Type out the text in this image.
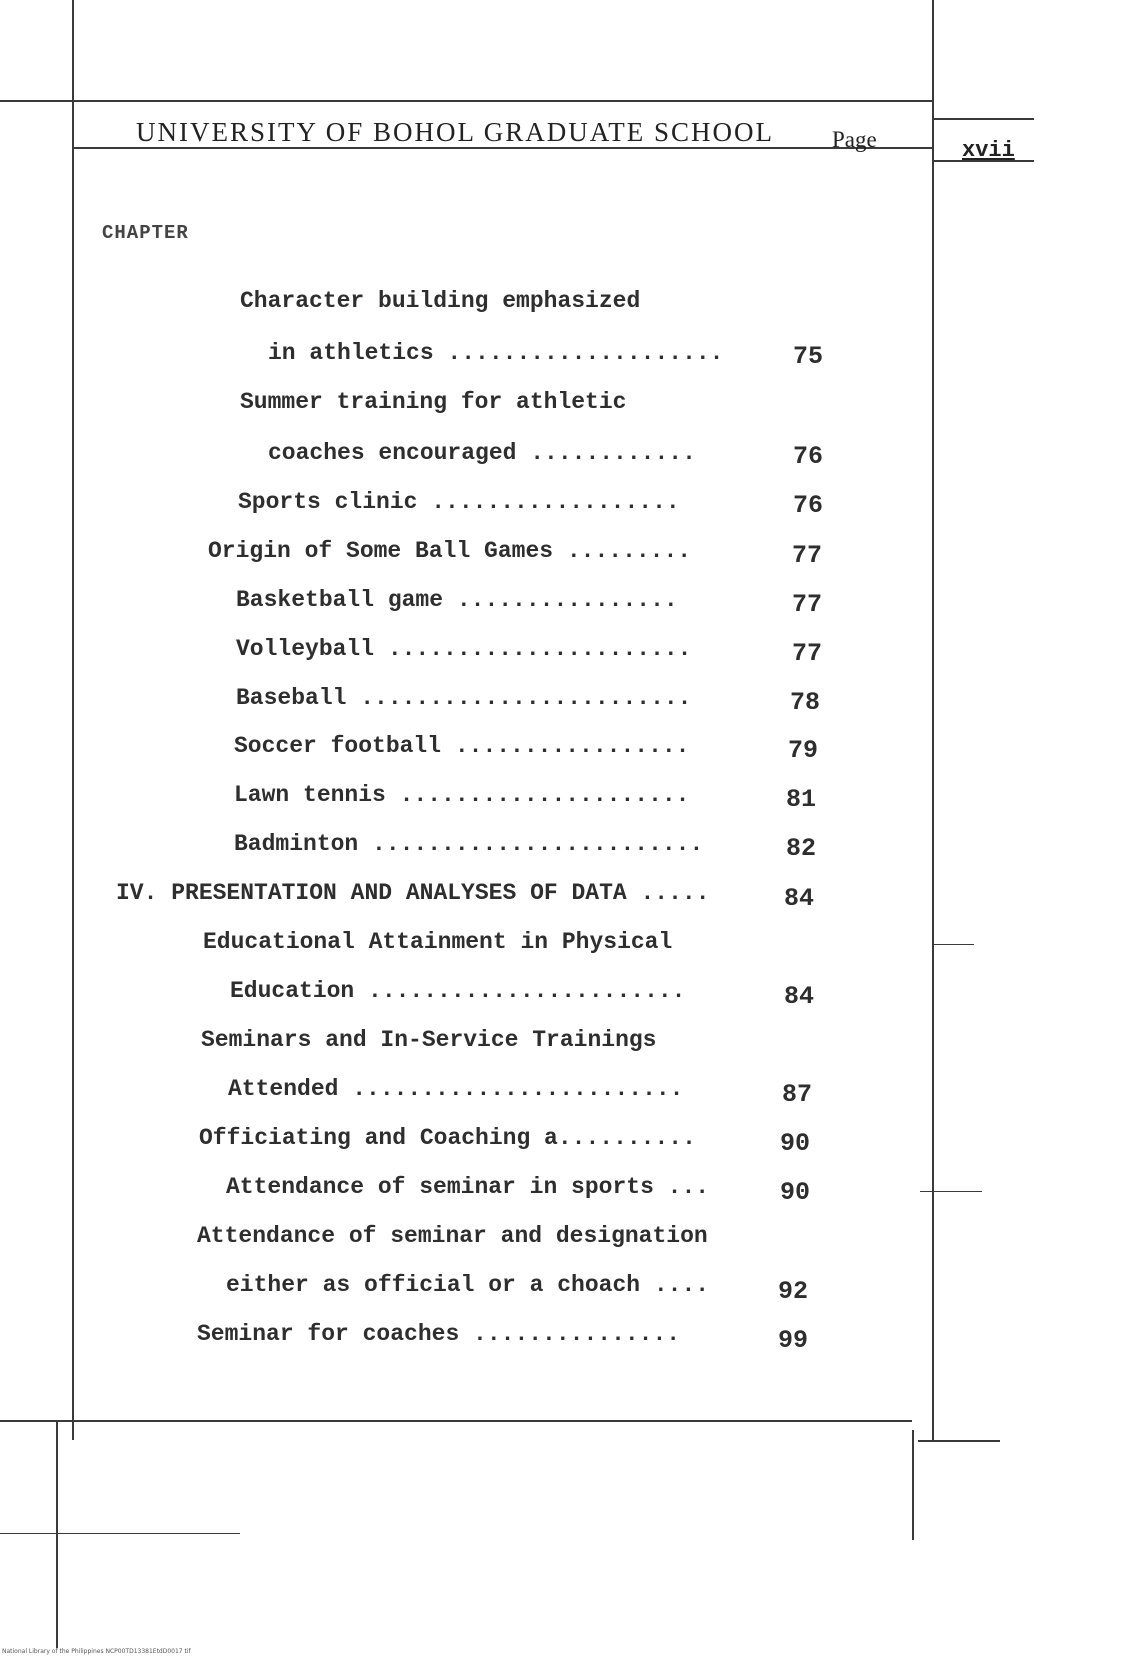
UNIVERSITY OF BOHOL GRADUATE SCHOOL	Page	xvii
CHAPTER
Character building emphasized
in athletics ....................	75
Summer training for athletic
coaches encouraged ............	76
Sports clinic ..................	76
Origin of Some Ball Games .........	77
Basketball game ................	77
Volleyball ......................	77
Baseball ........................	78
Soccer football .................	79
Lawn tennis .....................	81
Badminton ........................	82
IV. PRESENTATION AND ANALYSES OF DATA .....	84
Educational Attainment in Physical
Education .......................	84
Seminars and In-Service Trainings
Attended ........................	87
Officiating and Coaching a..........	90
Attendance of seminar in sports ...	90
Attendance of seminar and designation
either as official or a choach ....	92
Seminar for coaches ...............	99
National Library of the Philippines NCP00TD13381EtdD0017 tif
